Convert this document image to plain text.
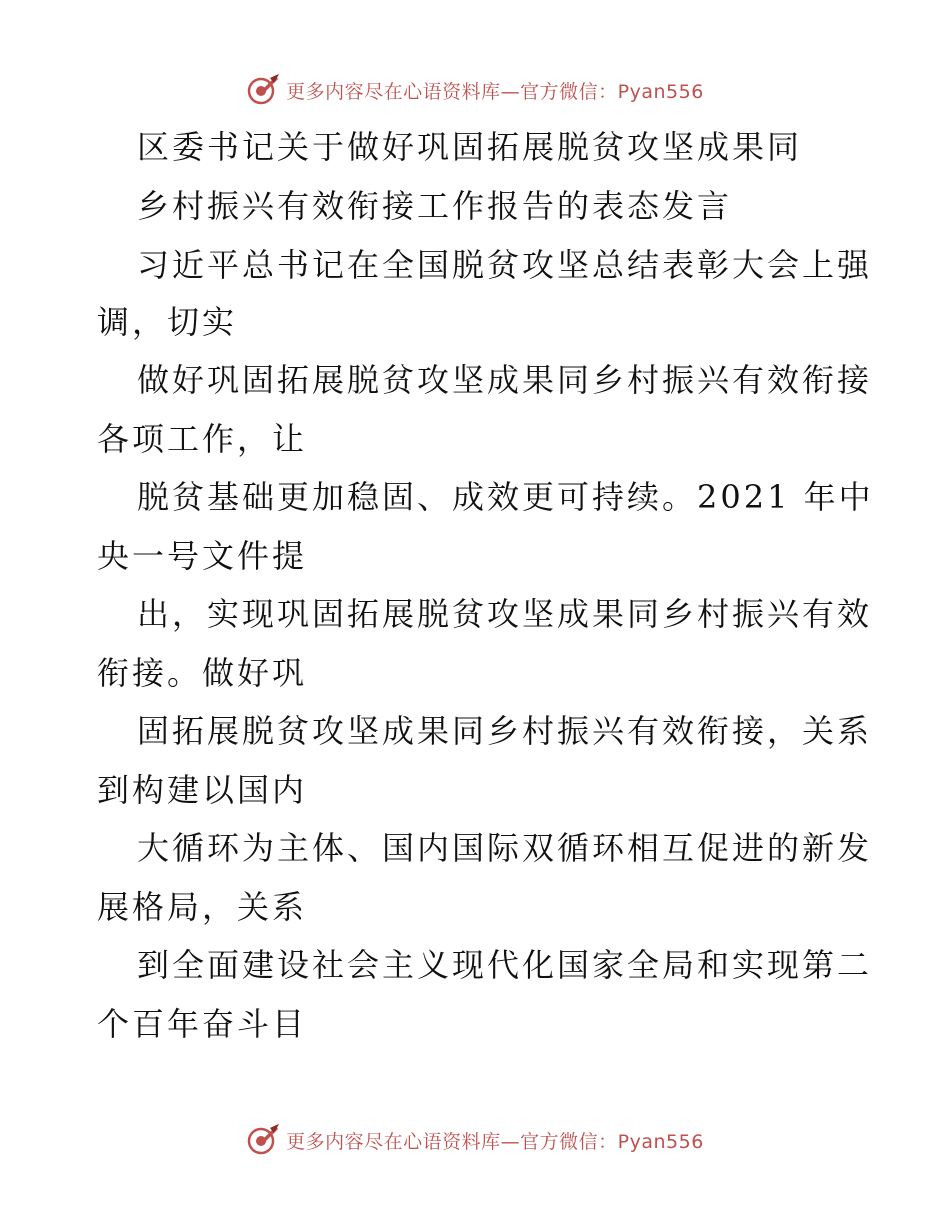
更多内容尽在心语资料库—官方微信：Pyan556
区委书记关于做好巩固拓展脱贫攻坚成果同
乡村振兴有效衔接工作报告的表态发言
习近平总书记在全国脱贫攻坚总结表彰大会上强
调，切实
做好巩固拓展脱贫攻坚成果同乡村振兴有效衔接
各项工作，让
脱贫基础更加稳固、成效更可持续。2021 年中
央一号文件提
出，实现巩固拓展脱贫攻坚成果同乡村振兴有效
衔接。做好巩
固拓展脱贫攻坚成果同乡村振兴有效衔接，关系
到构建以国内
大循环为主体、国内国际双循环相互促进的新发
展格局，关系
到全面建设社会主义现代化国家全局和实现第二
个百年奋斗目
更多内容尽在心语资料库—官方微信：Pyan556
